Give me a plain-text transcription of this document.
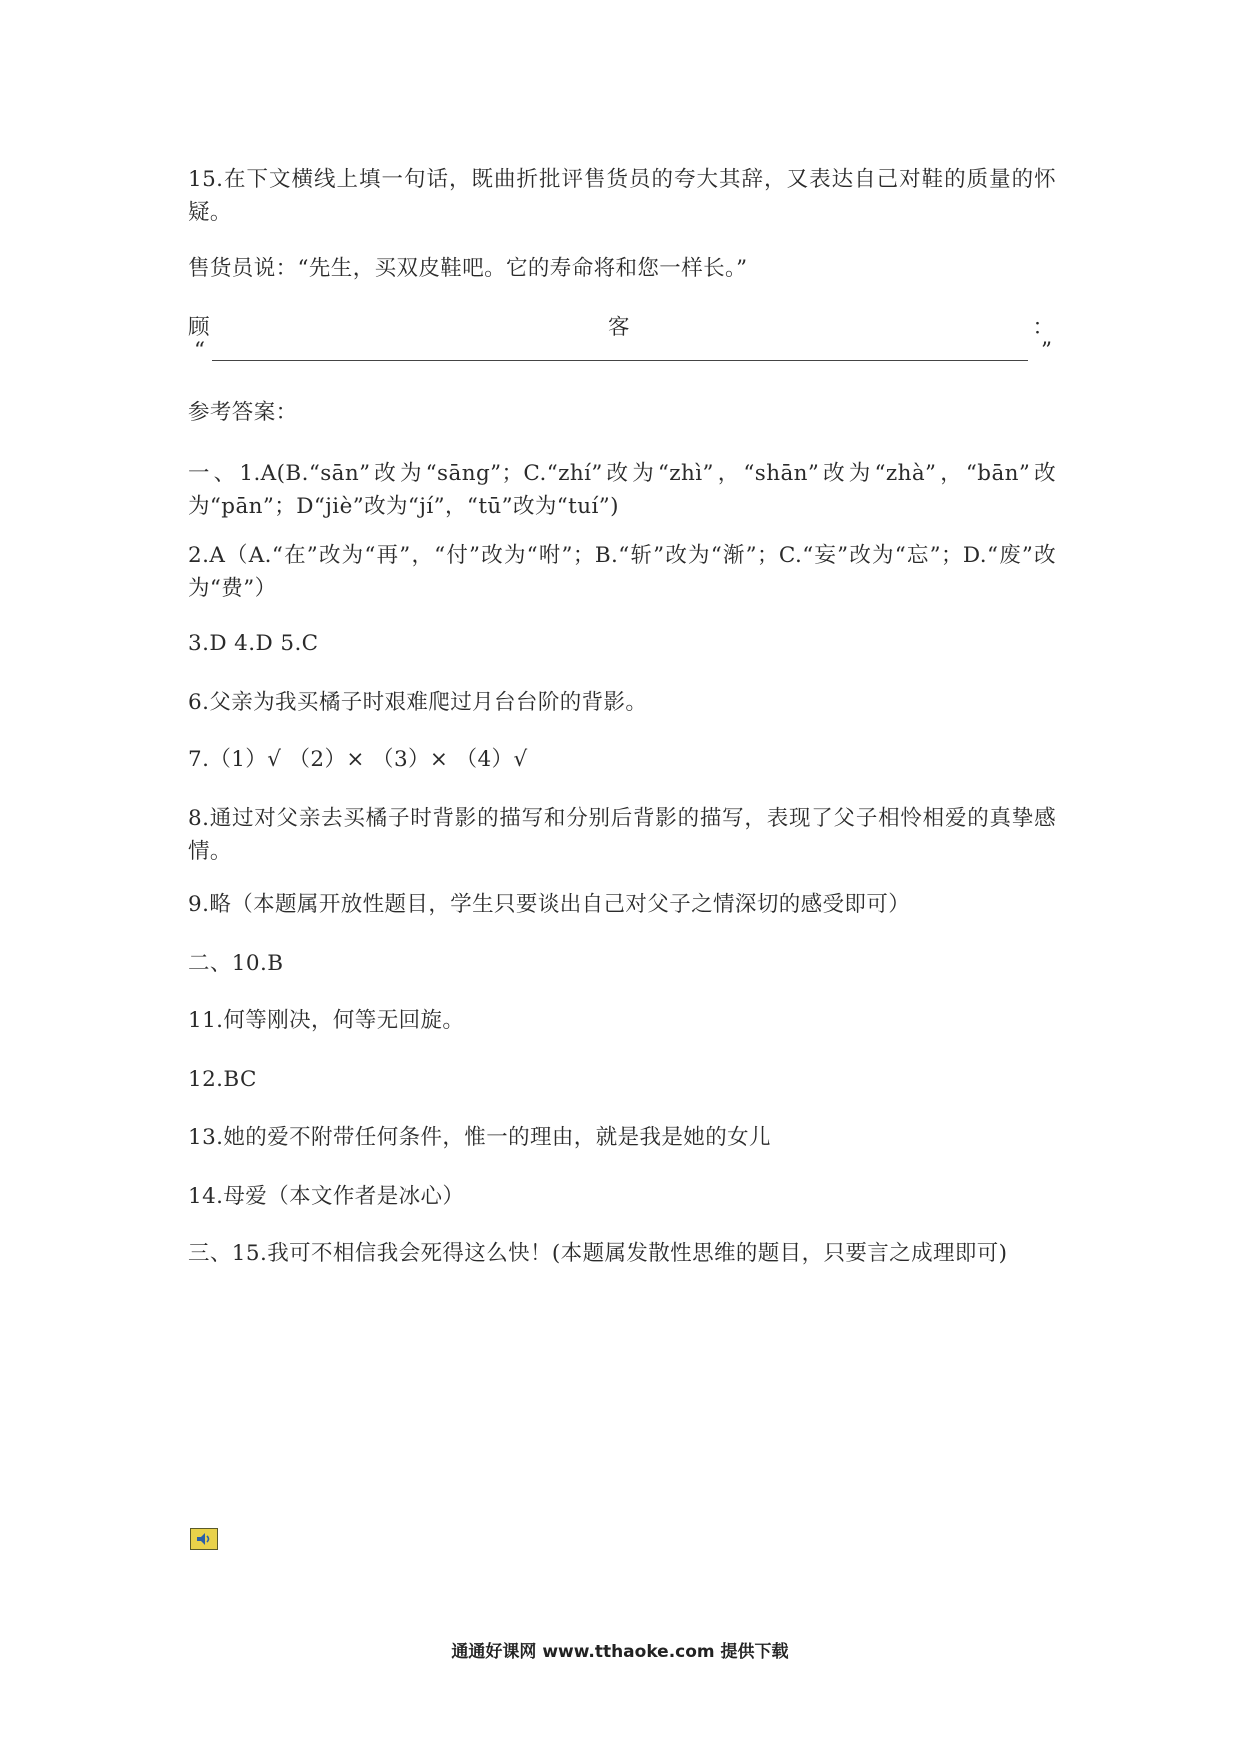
15.在下文横线上填一句话，既曲折批评售货员的夸大其辞，又表达自己对鞋的质量的怀疑。

售货员说：“先生，买双皮鞋吧。它的寿命将和您一样长。”

顾	客	：
“	”

参考答案：

一、1.A(B.“sān”改为“sāng”；C.“zhí”改为“zhì”，“shān”改为“zhà”，“bān”改为“pān”；D“jiè”改为“jí”，“tū”改为“tuí”)

2.A（A.“在”改为“再”，“付”改为“咐”；B.“斩”改为“渐”；C.“妄”改为“忘”；D.“废”改为“费”）

3.D 4.D 5.C

6.父亲为我买橘子时艰难爬过月台台阶的背影。

7.（1）√ （2）× （3）× （4）√

8.通过对父亲去买橘子时背影的描写和分别后背影的描写，表现了父子相怜相爱的真挚感情。

9.略（本题属开放性题目，学生只要谈出自己对父子之情深切的感受即可）

二、10.B

11.何等刚决，何等无回旋。

12.BC

13.她的爱不附带任何条件，惟一的理由，就是我是她的女儿

14.母爱（本文作者是冰心）

三、15.我可不相信我会死得这么快！(本题属发散性思维的题目，只要言之成理即可)

通通好课网 www.tthaoke.com 提供下载
